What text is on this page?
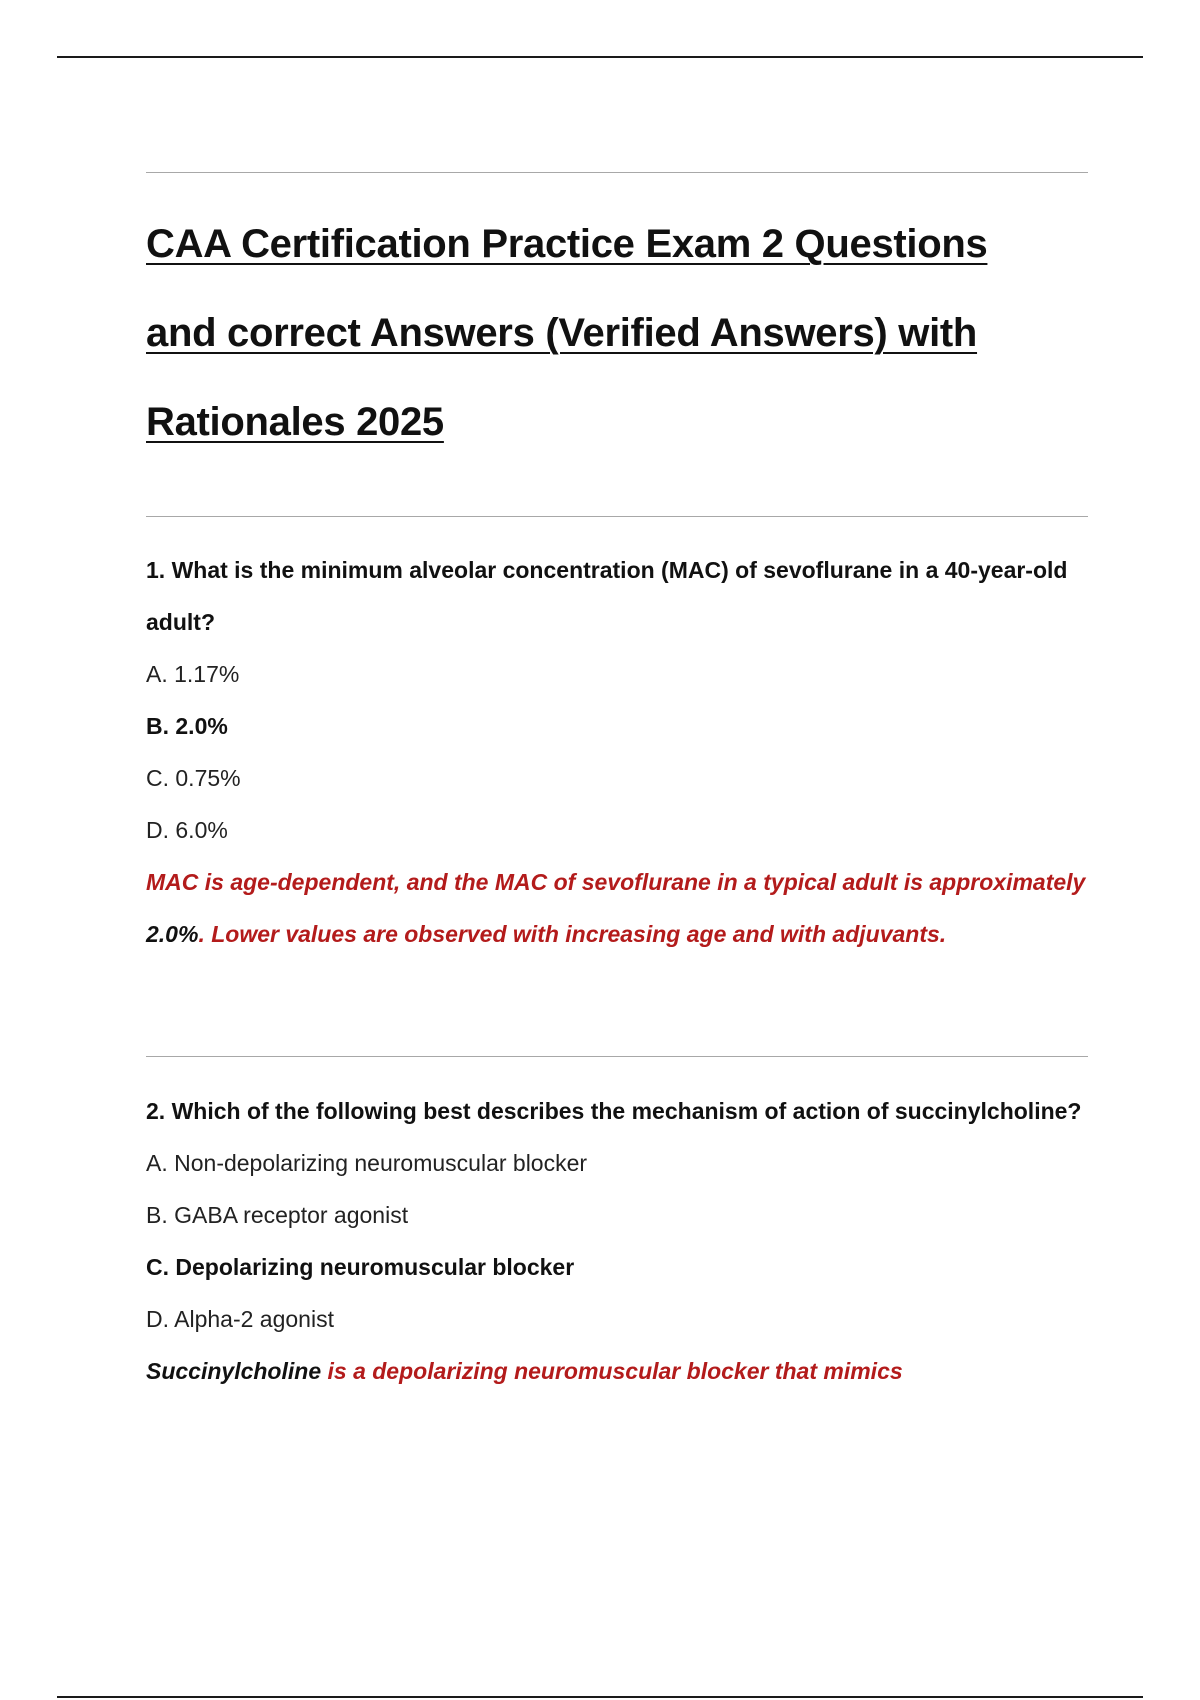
CAA Certification Practice Exam 2 Questions
and correct Answers (Verified Answers) with
Rationales 2025

1. What is the minimum alveolar concentration (MAC) of sevoflurane in a 40-year-old adult?

A. 1.17%

B. 2.0%

C. 0.75%

D. 6.0%

MAC is age-dependent, and the MAC of sevoflurane in a typical adult is approximately 2.0%. Lower values are observed with increasing age and with adjuvants.

2. Which of the following best describes the mechanism of action of succinylcholine?

A. Non-depolarizing neuromuscular blocker

B. GABA receptor agonist

C. Depolarizing neuromuscular blocker

D. Alpha-2 agonist

Succinylcholine is a depolarizing neuromuscular blocker that mimics
